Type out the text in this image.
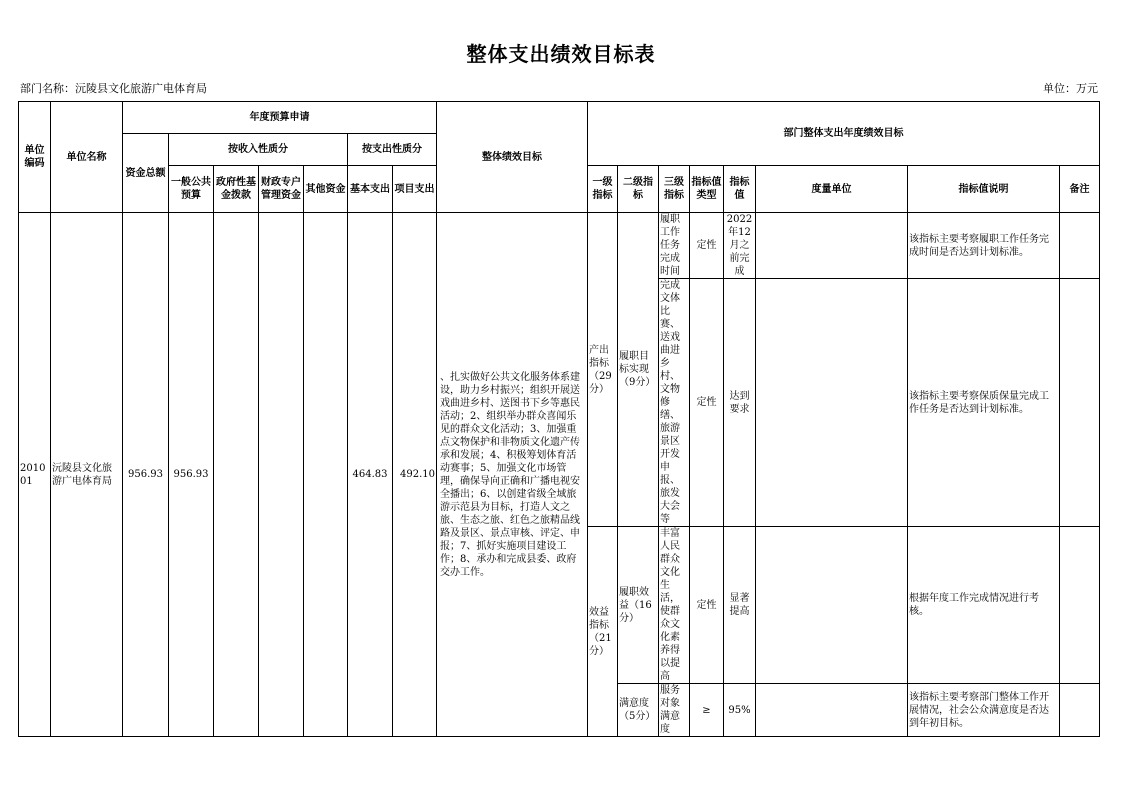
整体支出绩效目标表
部门名称：沅陵县文化旅游广电体育局	单位：万元
单位编码	单位名称	年度预算申请							整体绩效目标	部门整体支出年度绩效目标							
		资金总额	按收入性质分				按支出性质分										
			一般公共预算	政府性基金拨款	财政专户管理资金	其他资金	基本支出	项目支出		一级指标	二级指标	三级指标	指标值类型	指标值	度量单位	指标值说明	备注
201001	沅陵县文化旅游广电体育局	956.93	956.93				464.83	492.10	、扎实做好公共文化服务体系建设，助力乡村振兴；组织开展送戏曲进乡村、送图书下乡等惠民活动；2、组织举办群众喜闻乐见的群众文化活动；3、加强重点文物保护和非物质文化遗产传承和发展；4、积极筹划体育活动赛事；5、加强文化市场管理，确保导向正确和广播电视安全播出；6、以创建省级全域旅游示范县为目标，打造人文之旅、生态之旅、红色之旅精品线路及景区、景点审核、评定、申报；7、抓好实施项目建设工作；8、承办和完成县委、政府交办工作。	产出指标（29分）	履职目标实现（9分）	履职工作任务完成时间	定性	2022年12月之前完成		该指标主要考察履职工作任务完成时间是否达到计划标准。	
												完成文体比赛、送戏曲进乡村、文物修缮、旅游景区开发申报、旅发大会等	定性	达到要求		该指标主要考察保质保量完成工作任务是否达到计划标准。	
										效益指标（21分）	履职效益（16分）	丰富人民群众文化生活，使群众文化素养得以提高	定性	显著提高		根据年度工作完成情况进行考核。	
											满意度（5分）	服务对象满意度	≥	95%		该指标主要考察部门整体工作开展情况，社会公众满意度是否达到年初目标。	
